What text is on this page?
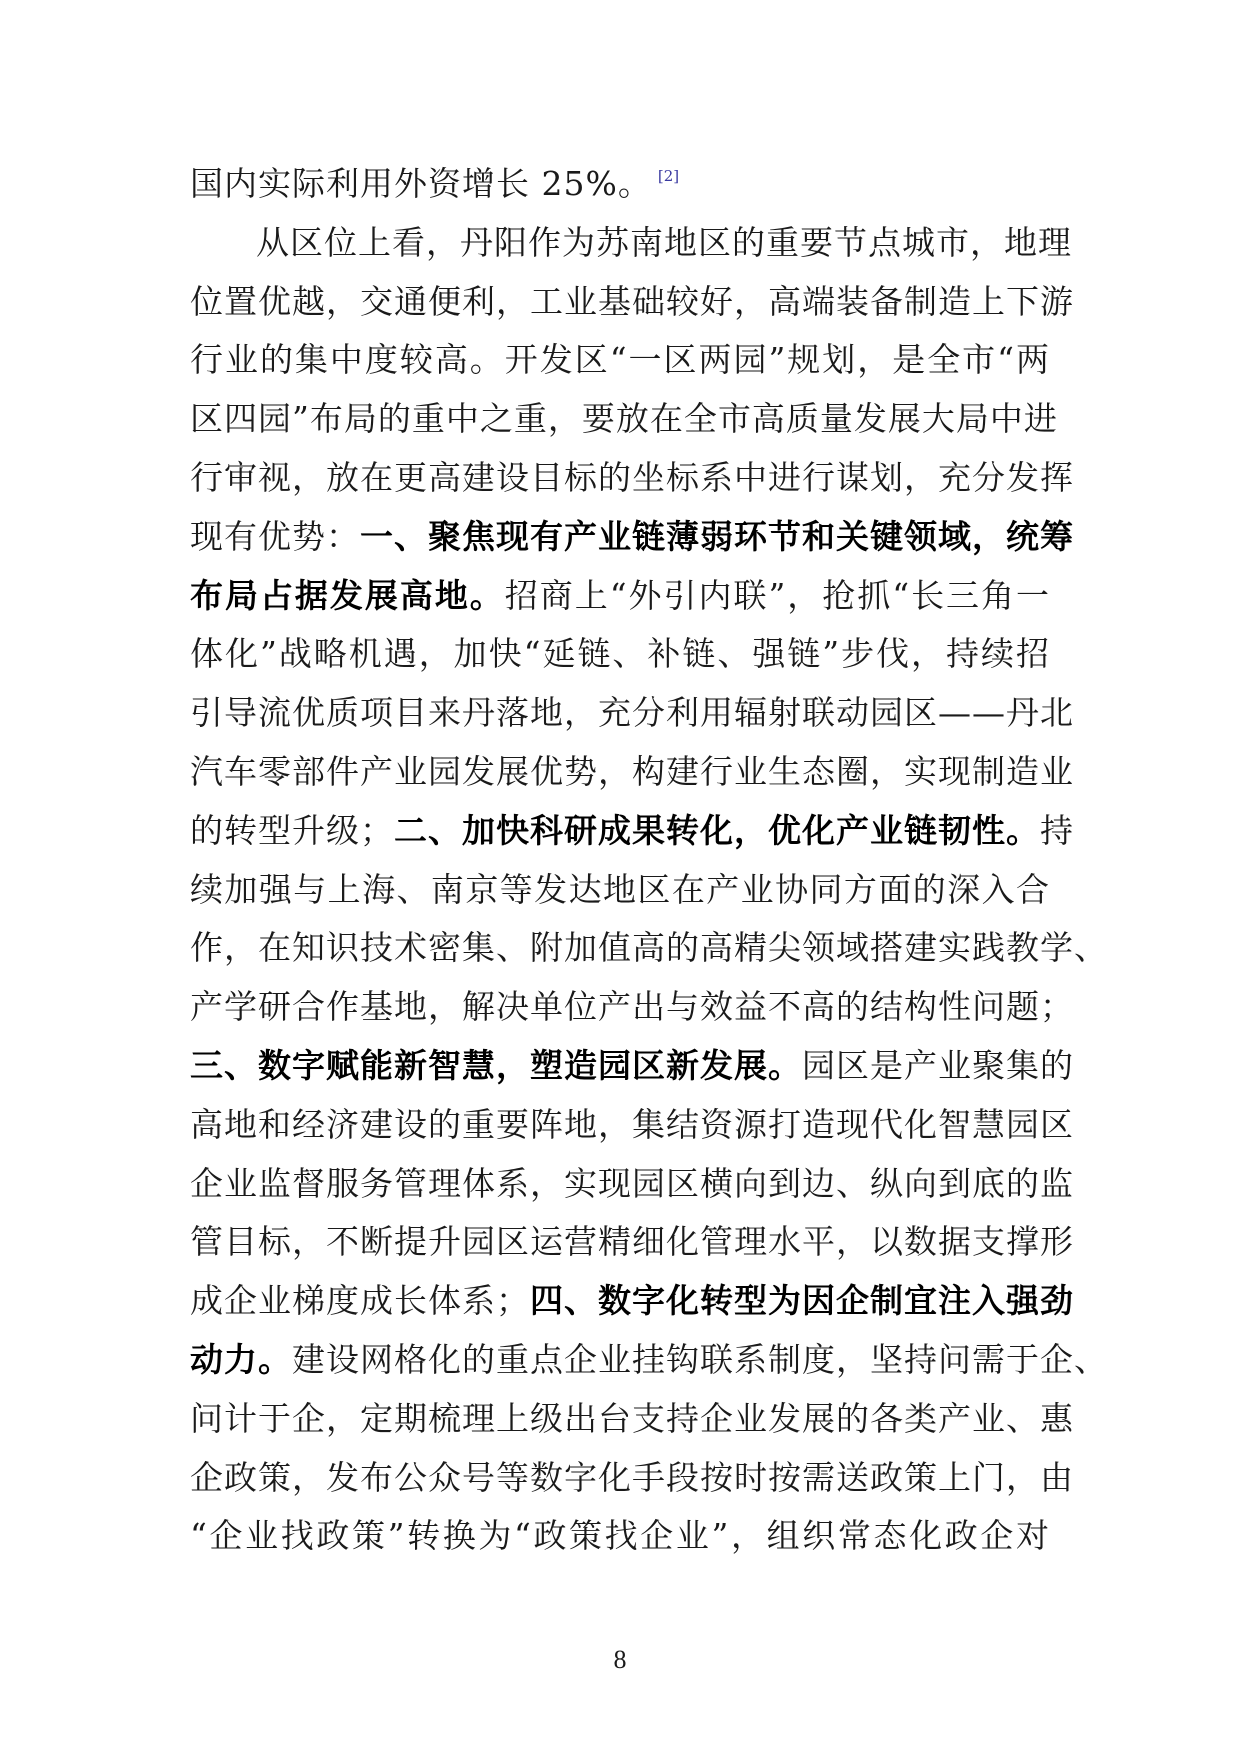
国内实际利用外资增长 25%。 [2]
从区位上看，丹阳作为苏南地区的重要节点城市，地理
位置优越，交通便利，工业基础较好，高端装备制造上下游
行业的集中度较高。开发区“一区两园”规划，是全市“两
区四园”布局的重中之重，要放在全市高质量发展大局中进
行审视，放在更高建设目标的坐标系中进行谋划，充分发挥
现有优势：一、聚焦现有产业链薄弱环节和关键领域，统筹
布局占据发展高地。招商上“外引内联”，抢抓“长三角一
体化”战略机遇，加快“延链、补链、强链”步伐，持续招
引导流优质项目来丹落地，充分利用辐射联动园区——丹北
汽车零部件产业园发展优势，构建行业生态圈，实现制造业
的转型升级；二、加快科研成果转化，优化产业链韧性。持
续加强与上海、南京等发达地区在产业协同方面的深入合
作，在知识技术密集、附加值高的高精尖领域搭建实践教学、
产学研合作基地，解决单位产出与效益不高的结构性问题；
三、数字赋能新智慧，塑造园区新发展。园区是产业聚集的
高地和经济建设的重要阵地，集结资源打造现代化智慧园区
企业监督服务管理体系，实现园区横向到边、纵向到底的监
管目标，不断提升园区运营精细化管理水平，以数据支撑形
成企业梯度成长体系；四、数字化转型为因企制宜注入强劲
动力。建设网格化的重点企业挂钩联系制度，坚持问需于企、
问计于企，定期梳理上级出台支持企业发展的各类产业、惠
企政策，发布公众号等数字化手段按时按需送政策上门，由
“企业找政策”转换为“政策找企业”，组织常态化政企对
8
